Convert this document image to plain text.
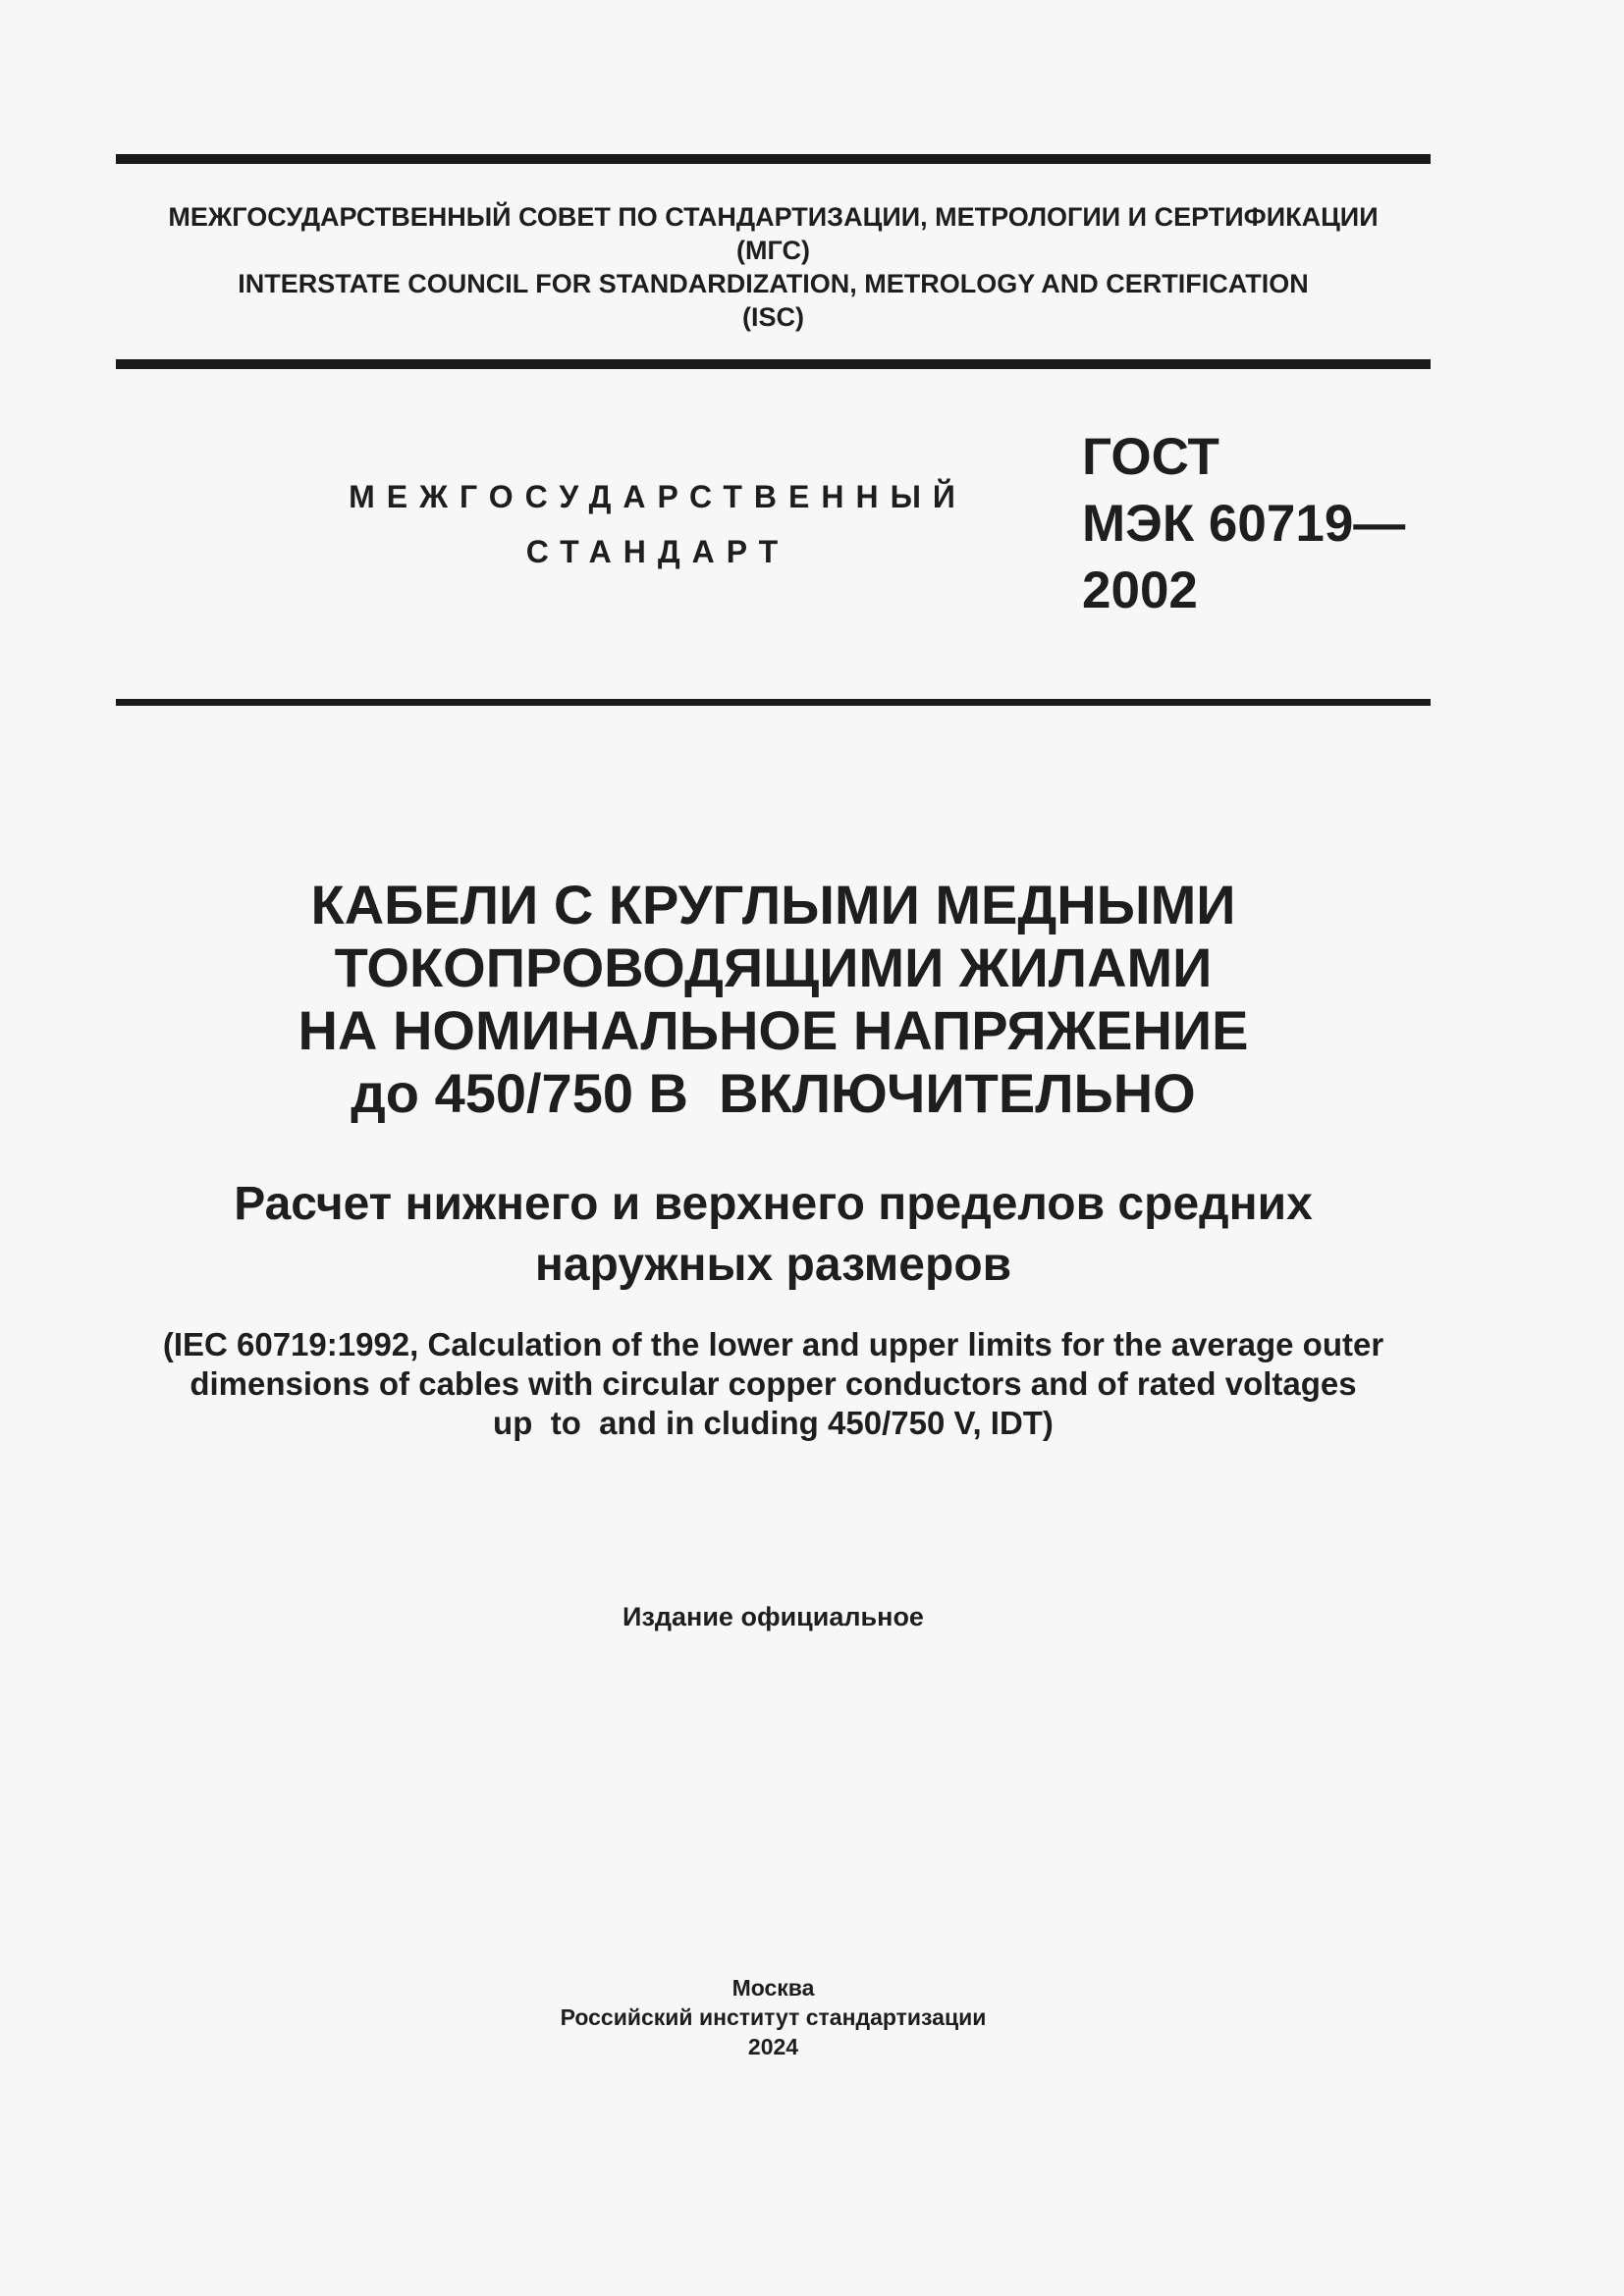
МЕЖГОСУДАРСТВЕННЫЙ СОВЕТ ПО СТАНДАРТИЗАЦИИ, МЕТРОЛОГИИ И СЕРТИФИКАЦИИ
(МГС)
INTERSTATE COUNCIL FOR STANDARDIZATION, METROLOGY AND CERTIFICATION
(ISC)
МЕЖГОСУДАРСТВЕННЫЙ
СТАНДАРТ
ГОСТ
МЭК 60719—
2002
КАБЕЛИ С КРУГЛЫМИ МЕДНЫМИ
ТОКОПРОВОДЯЩИМИ ЖИЛАМИ
НА НОМИНАЛЬНОЕ НАПРЯЖЕНИЕ
до 450/750 В  ВКЛЮЧИТЕЛЬНО
Расчет нижнего и верхнего пределов средних
наружных размеров
(IEC 60719:1992, Calculation of the lower and upper limits for the average outer
dimensions of cables with circular copper conductors and of rated voltages
up  to  and in cluding 450/750 V, IDT)
Издание официальное
Москва
Российский институт стандартизации
2024
